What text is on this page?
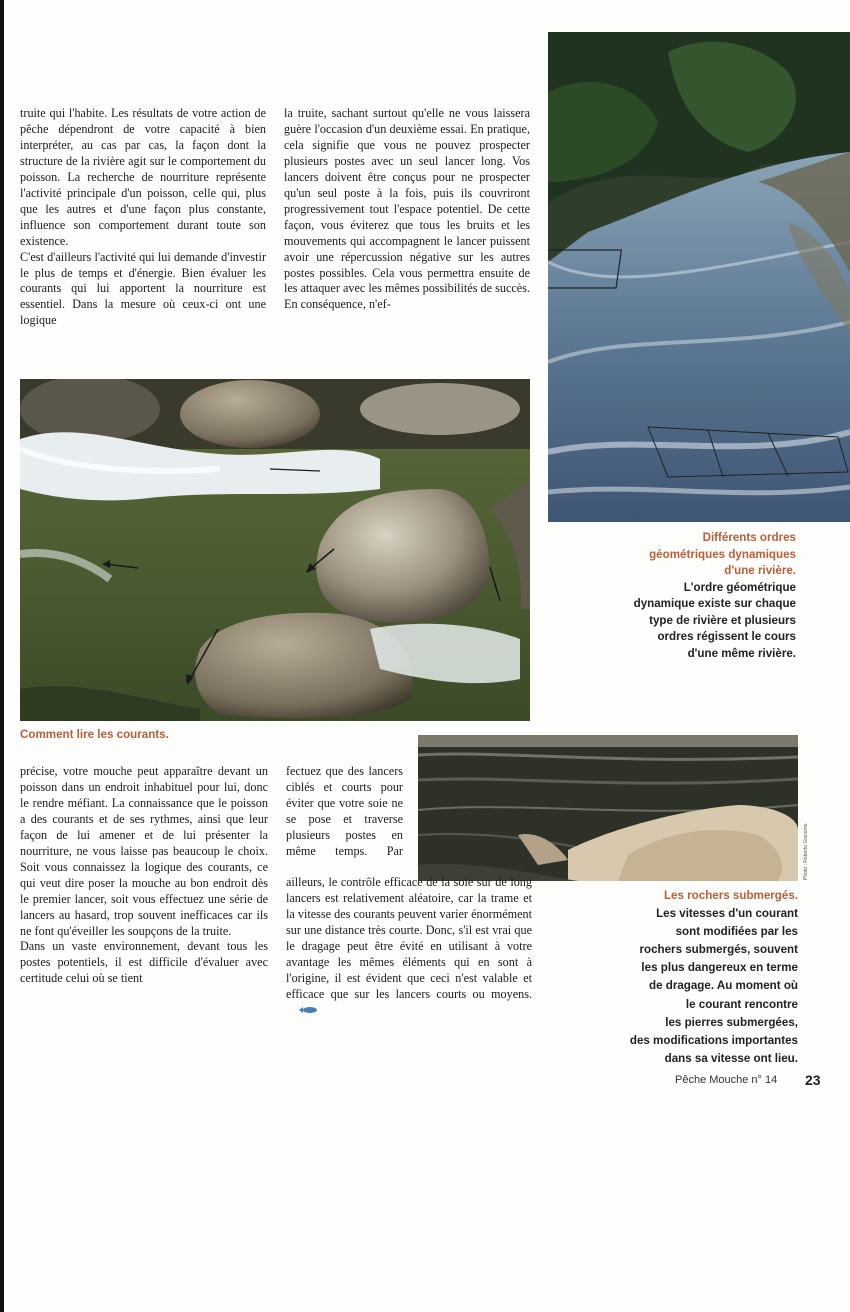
truite qui l'habite. Les résultats de votre action de pêche dépendront de votre capacité à bien interpréter, au cas par cas, la façon dont la structure de la rivière agit sur le comportement du poisson. La recherche de nourriture représente l'activité principale d'un poisson, celle qui, plus que les autres et d'une façon plus constante, influence son comportement durant toute son existence.

C'est d'ailleurs l'activité qui lui demande d'investir le plus de temps et d'énergie. Bien évaluer les courants qui lui apportent la nourriture est essentiel. Dans la mesure où ceux-ci ont une logique

la truite, sachant surtout qu'elle ne vous laissera guère l'occasion d'un deuxième essai. En pratique, cela signifie que vous ne pouvez prospecter plusieurs postes avec un seul lancer long. Vos lancers doivent être conçus pour ne prospecter qu'un seul poste à la fois, puis ils couvriront progressivement tout l'espace potentiel. De cette façon, vous éviterez que tous les bruits et les mouvements qui accompagnent le lancer puissent avoir une répercussion négative sur les autres postes possibles. Cela vous permettra ensuite de les attaquer avec les mêmes possibilités de succès. En conséquence, n'ef-

Différents ordres
géométriques dynamiques
d'une rivière.
L'ordre géométrique
dynamique existe sur chaque
type de rivière et plusieurs
ordres régissent le cours
d'une même rivière.
Comment lire les courants.
Photo : Roberto Giacomo
Les rochers submergés.
Les vitesses d'un courant
sont modifiées par les
rochers submergés, souvent
les plus dangereux en terme
de dragage. Au moment où
le courant rencontre
les pierres submergées,
des modifications importantes
dans sa vitesse ont lieu.

précise, votre mouche peut apparaître devant un poisson dans un endroit inhabituel pour lui, donc le rendre méfiant. La connaissance que le poisson a des courants et de ses rythmes, ainsi que leur façon de lui amener et de lui présenter la nourriture, ne vous laisse pas beaucoup le choix. Soit vous connaissez la logique des courants, ce qui veut dire poser la mouche au bon endroit dès le premier lancer, soit vous effectuez une série de lancers au hasard, trop souvent inefficaces car ils ne font qu'éveiller les soupçons de la truite.

Dans un vaste environnement, devant tous les postes potentiels, il est difficile d'évaluer avec certitude celui où se tient

fectuez que des lancers ciblés et courts pour éviter que votre soie ne se pose et traverse plusieurs postes en même temps. Par

ailleurs, le contrôle efficace de la soie sur de long lancers est relativement aléatoire, car la trame et la vitesse des courants peuvent varier énormément sur une distance très courte. Donc, s'il est vrai que le dragage peut être évité en utilisant à votre avantage les mêmes éléments qui en sont à l'origine, il est évident que ceci n'est valable et efficace que sur les lancers courts ou moyens.

Pêche Mouche n° 14 23
